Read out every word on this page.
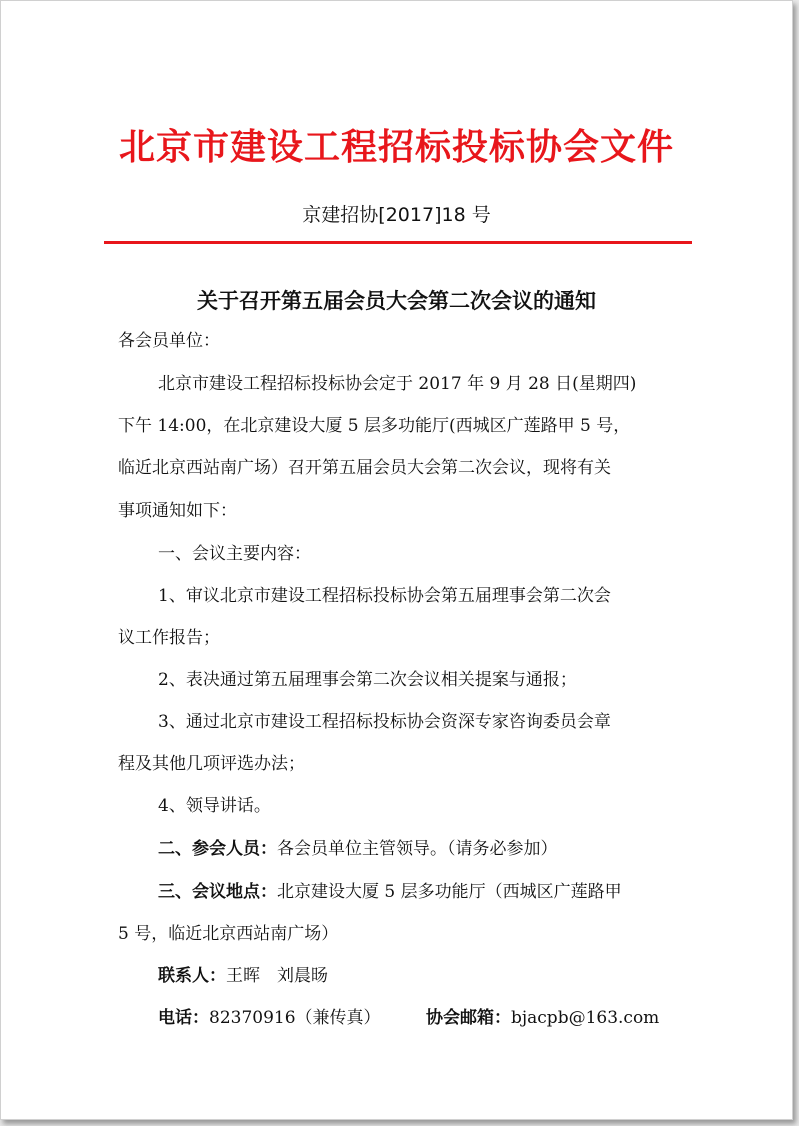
北京市建设工程招标投标协会文件
京建招协[2017]18 号
关于召开第五届会员大会第二次会议的通知
各会员单位：
北京市建设工程招标投标协会定于 2017 年 9 月 28 日(星期四)
下午 14:00，在北京建设大厦 5 层多功能厅(西城区广莲路甲 5 号，
临近北京西站南广场）召开第五届会员大会第二次会议，现将有关
事项通知如下：
一、会议主要内容：
1、审议北京市建设工程招标投标协会第五届理事会第二次会
议工作报告；
2、表决通过第五届理事会第二次会议相关提案与通报；
3、通过北京市建设工程招标投标协会资深专家咨询委员会章
程及其他几项评选办法；
4、领导讲话。
二、参会人员：各会员单位主管领导。（请务必参加）
三、会议地点：北京建设大厦 5 层多功能厅（西城区广莲路甲
5 号，临近北京西站南广场）
联系人：王晖　刘晨旸
电话：82370916（兼传真）	协会邮箱：bjacpb@163.com
